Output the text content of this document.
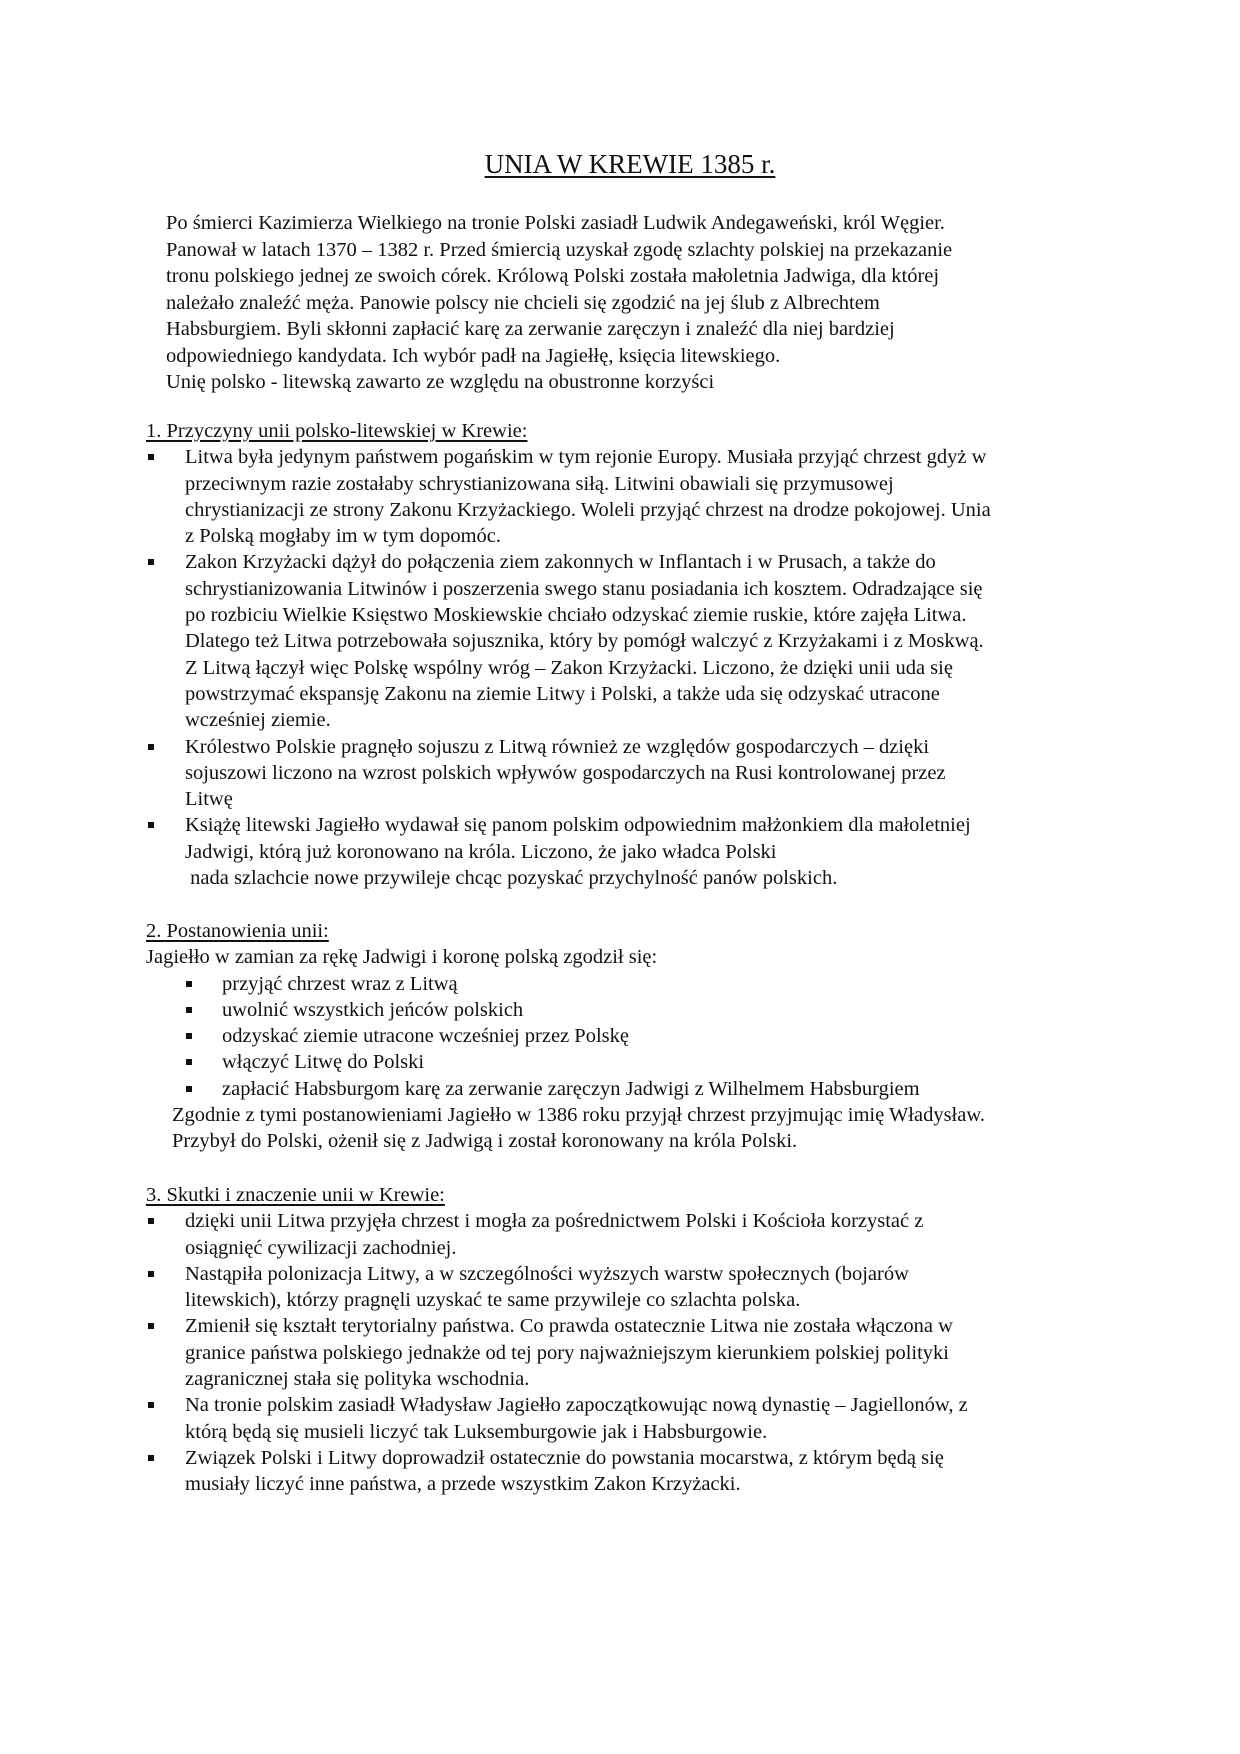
UNIA W KREWIE 1385 r.

Po śmierci Kazimierza Wielkiego na tronie Polski zasiadł Ludwik Andegaweński, król Węgier.

Panował w latach 1370 – 1382 r. Przed śmiercią uzyskał zgodę szlachty polskiej na przekazanie

tronu polskiego jednej ze swoich córek. Królową Polski została małoletnia Jadwiga, dla której

należało znaleźć męża. Panowie polscy nie chcieli się zgodzić na jej ślub z Albrechtem

Habsburgiem. Byli skłonni zapłacić karę za zerwanie zaręczyn i znaleźć dla niej bardziej

odpowiedniego kandydata. Ich wybór padł na Jagiełłę, księcia litewskiego.

Unię polsko - litewską zawarto ze względu na obustronne korzyści

1. Przyczyny unii polsko-litewskiej w Krewie:

Litwa była jedynym państwem pogańskim w tym rejonie Europy. Musiała przyjąć chrzest gdyż w
przeciwnym razie zostałaby schrystianizowana siłą. Litwini obawiali się przymusowej
chrystianizacji ze strony Zakonu Krzyżackiego. Woleli przyjąć chrzest na drodze pokojowej. Unia
z Polską mogłaby im w tym dopomóc.
Zakon Krzyżacki dążył do połączenia ziem zakonnych w Inflantach i w Prusach, a także do
schrystianizowania Litwinów i poszerzenia swego stanu posiadania ich kosztem. Odradzające się
po rozbiciu Wielkie Księstwo Moskiewskie chciało odzyskać ziemie ruskie, które zajęła Litwa.
Dlatego też Litwa potrzebowała sojusznika, który by pomógł walczyć z Krzyżakami i z Moskwą.
Z Litwą łączył więc Polskę wspólny wróg – Zakon Krzyżacki. Liczono, że dzięki unii uda się
powstrzymać ekspansję Zakonu na ziemie Litwy i Polski, a także uda się odzyskać utracone
wcześniej ziemie.
Królestwo Polskie pragnęło sojuszu z Litwą również ze względów gospodarczych – dzięki
sojuszowi liczono na wzrost polskich wpływów gospodarczych na Rusi kontrolowanej przez
Litwę
Książę litewski Jagiełło wydawał się panom polskim odpowiednim małżonkiem dla małoletniej
Jadwigi, którą już koronowano na króla. Liczono, że jako władca Polski
nada szlachcie nowe przywileje chcąc pozyskać przychylność panów polskich.

2. Postanowienia unii:

Jagiełło w zamian za rękę Jadwigi i koronę polską zgodził się:

przyjąć chrzest wraz z Litwą
uwolnić wszystkich jeńców polskich
odzyskać ziemie utracone wcześniej przez Polskę
włączyć Litwę do Polski
zapłacić Habsburgom karę za zerwanie zaręczyn Jadwigi z Wilhelmem Habsburgiem

Zgodnie z tymi postanowieniami Jagiełło w 1386 roku przyjął chrzest przyjmując imię Władysław.

Przybył do Polski, ożenił się z Jadwigą i został koronowany na króla Polski.

3. Skutki i znaczenie unii w Krewie:

dzięki unii Litwa przyjęła chrzest i mogła za pośrednictwem Polski i Kościoła korzystać z
osiągnięć cywilizacji zachodniej.
Nastąpiła polonizacja Litwy, a w szczególności wyższych warstw społecznych (bojarów
litewskich), którzy pragnęli uzyskać te same przywileje co szlachta polska.
Zmienił się kształt terytorialny państwa. Co prawda ostatecznie Litwa nie została włączona w
granice państwa polskiego jednakże od tej pory najważniejszym kierunkiem polskiej polityki
zagranicznej stała się polityka wschodnia.
Na tronie polskim zasiadł Władysław Jagiełło zapoczątkowując nową dynastię – Jagiellonów, z
którą będą się musieli liczyć tak Luksemburgowie jak i Habsburgowie.
Związek Polski i Litwy doprowadził ostatecznie do powstania mocarstwa, z którym będą się
musiały liczyć inne państwa, a przede wszystkim Zakon Krzyżacki.
